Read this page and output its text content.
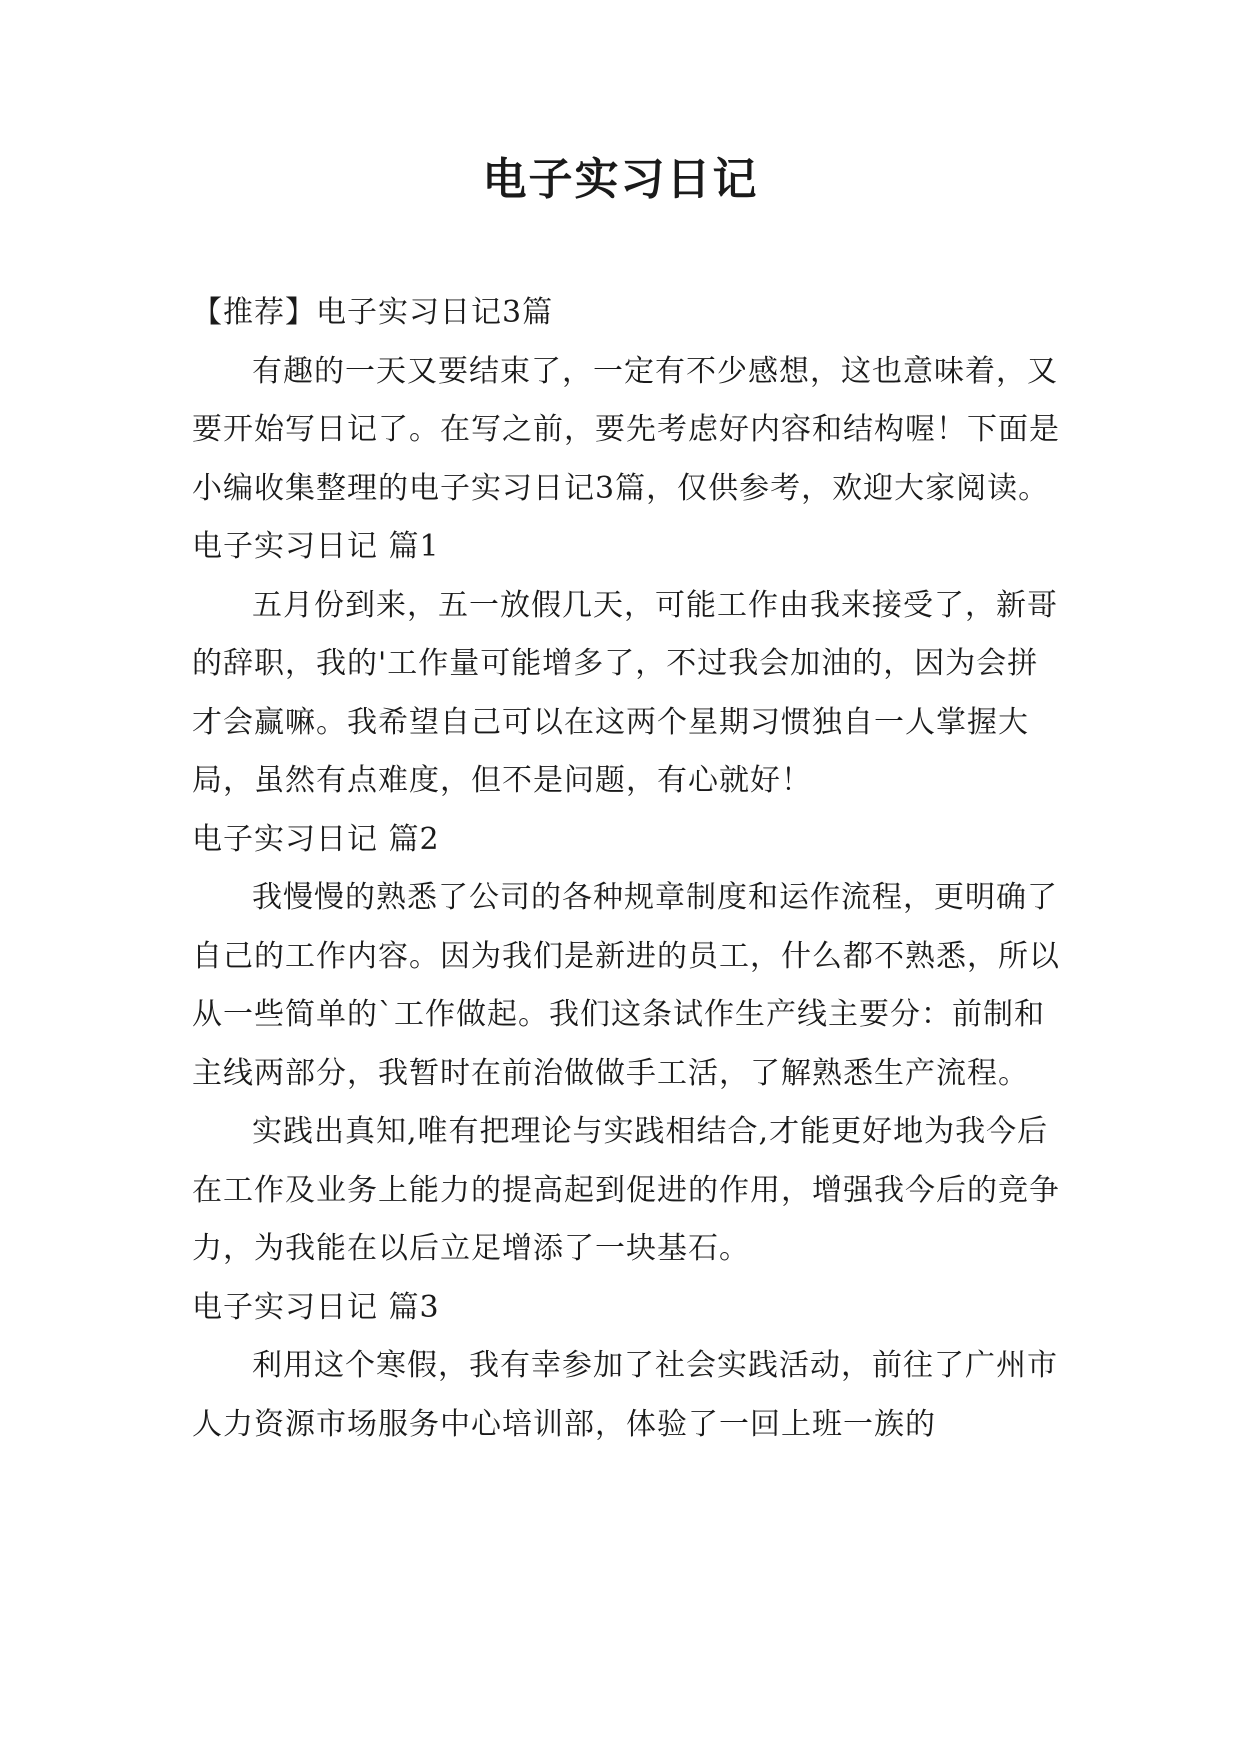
电子实习日记

【推荐】电子实习日记3篇

有趣的一天又要结束了，一定有不少感想，这也意味着，又要开始写日记了。在写之前，要先考虑好内容和结构喔！下面是小编收集整理的电子实习日记3篇，仅供参考，欢迎大家阅读。

电子实习日记 篇1

五月份到来，五一放假几天，可能工作由我来接受了，新哥的辞职，我的'工作量可能增多了，不过我会加油的，因为会拼才会赢嘛。我希望自己可以在这两个星期习惯独自一人掌握大局，虽然有点难度，但不是问题，有心就好！

电子实习日记 篇2

我慢慢的熟悉了公司的各种规章制度和运作流程，更明确了自己的工作内容。因为我们是新进的员工，什么都不熟悉，所以从一些简单的`工作做起。我们这条试作生产线主要分：前制和主线两部分，我暂时在前治做做手工活，了解熟悉生产流程。

实践出真知,唯有把理论与实践相结合,才能更好地为我今后在工作及业务上能力的提高起到促进的作用，增强我今后的竞争力，为我能在以后立足增添了一块基石。

电子实习日记 篇3

利用这个寒假，我有幸参加了社会实践活动，前往了广州市人力资源市场服务中心培训部，体验了一回上班一族的
